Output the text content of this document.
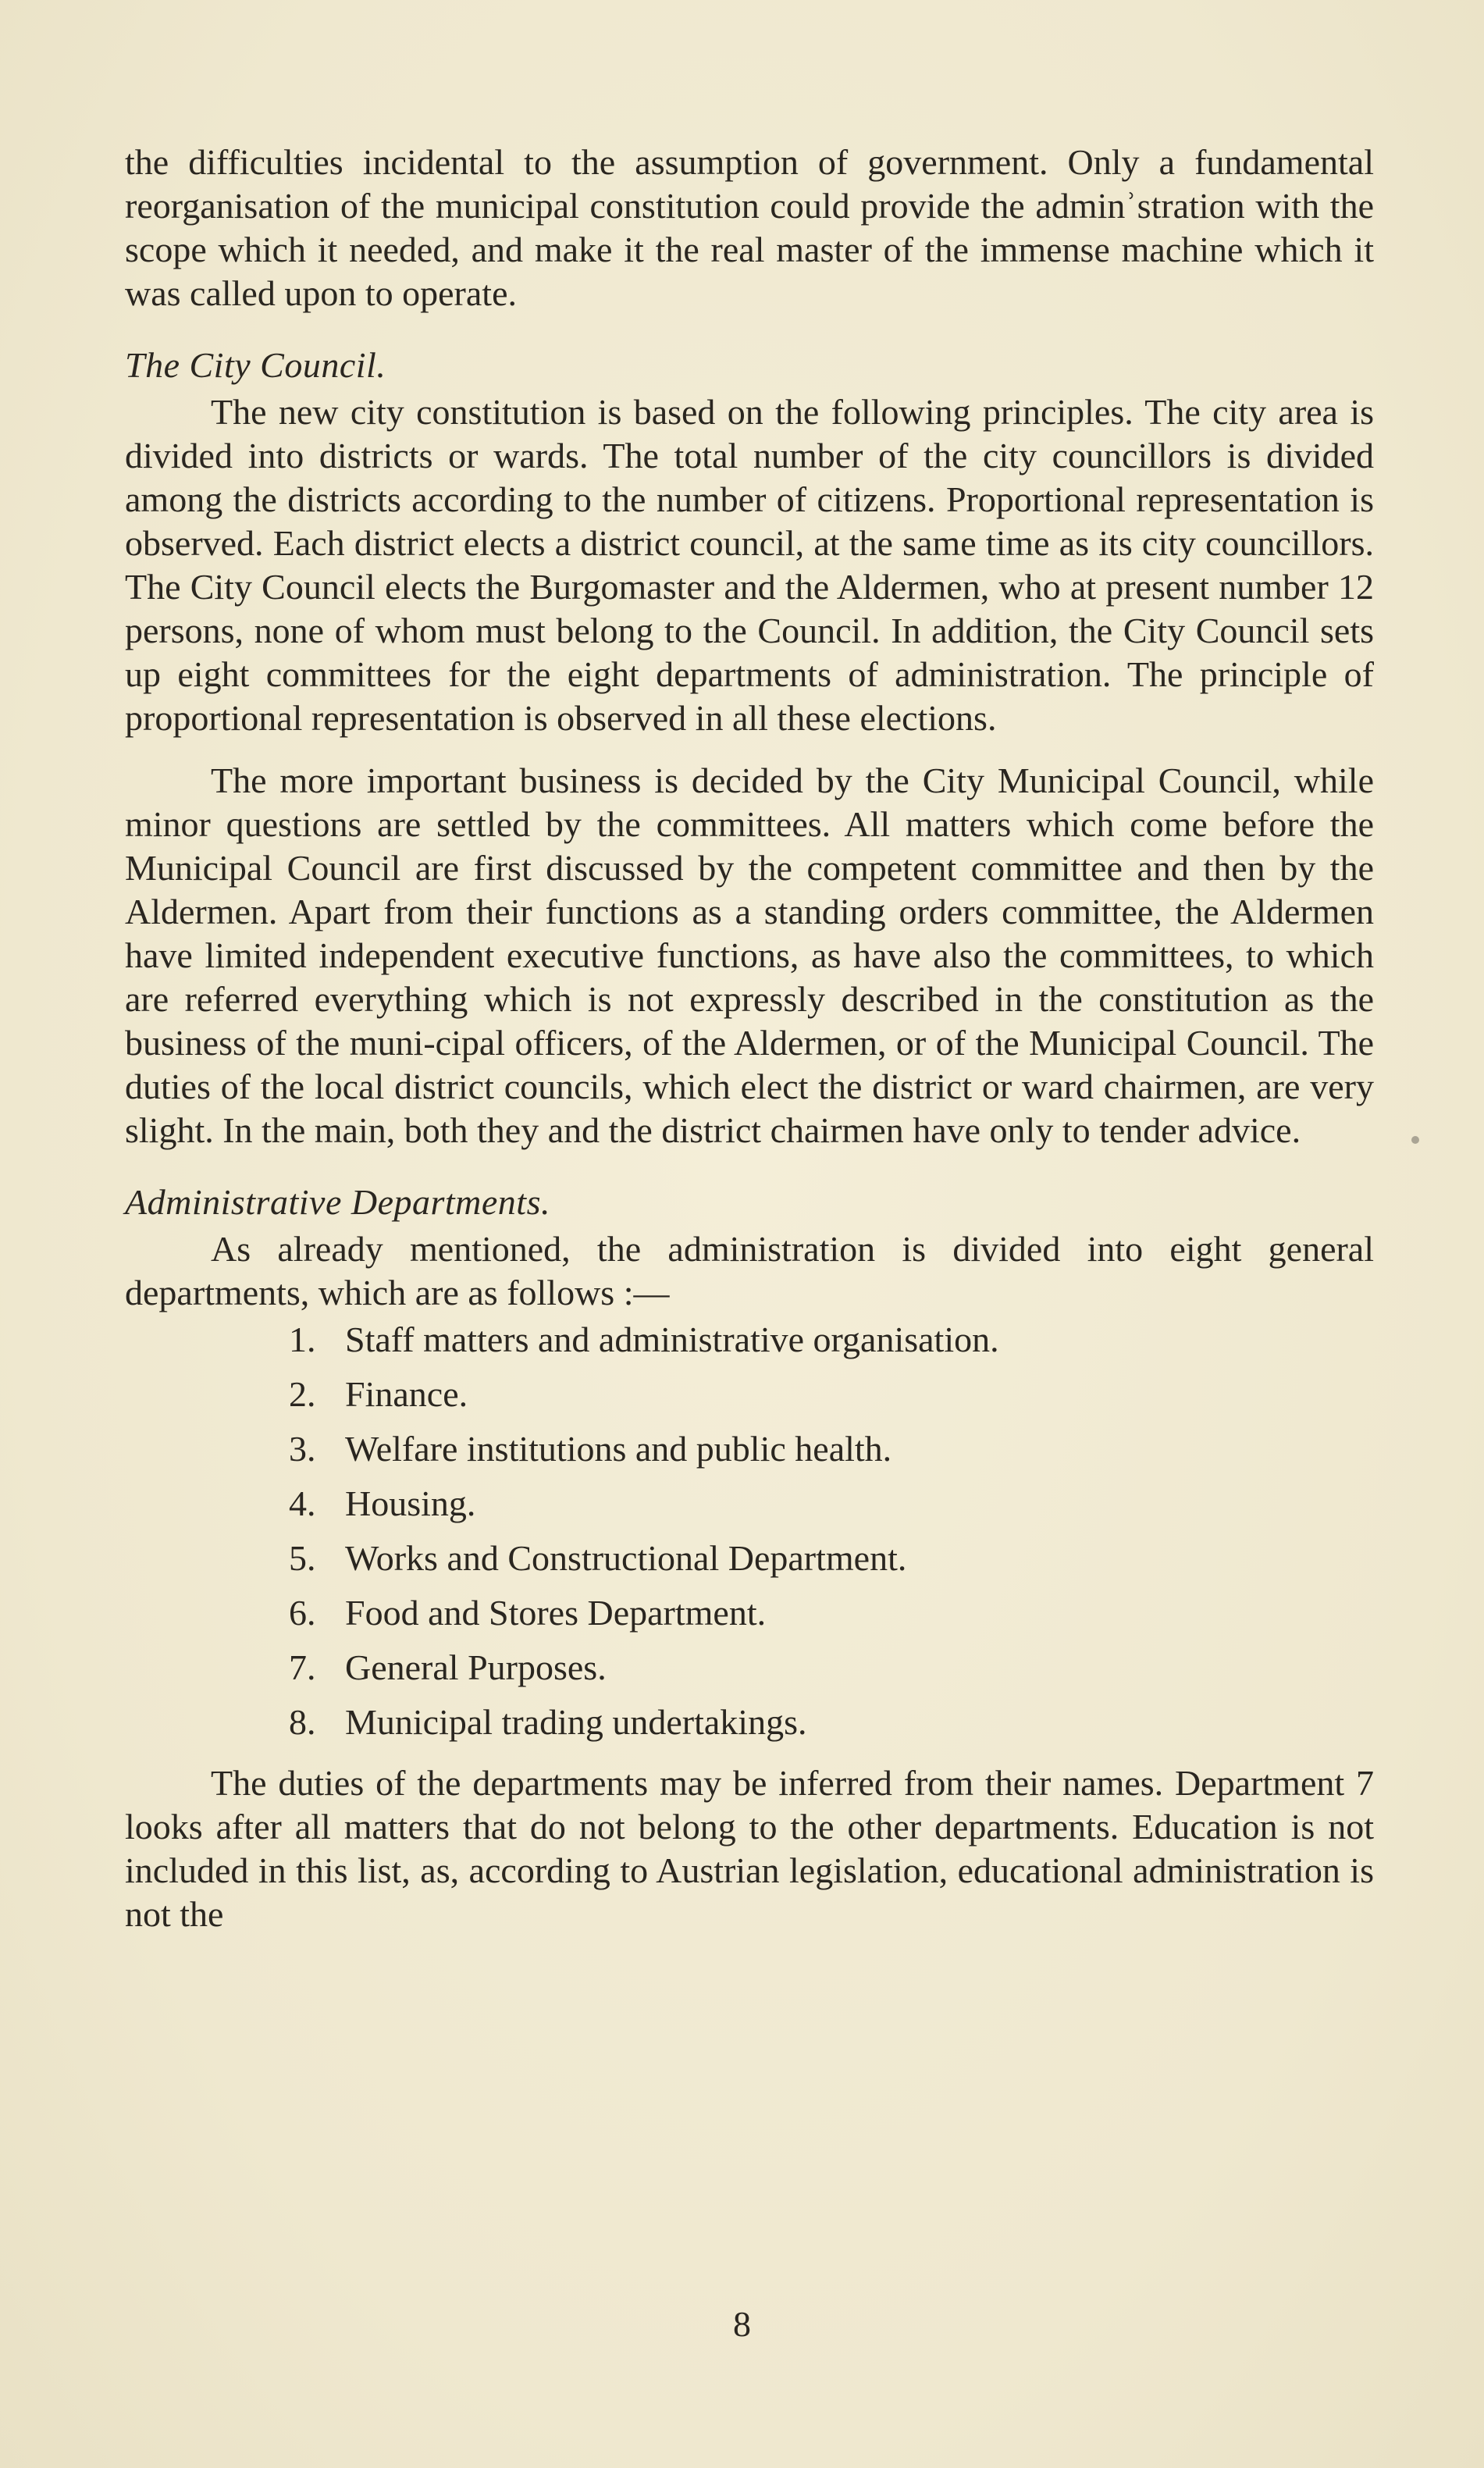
the difficulties incidental to the assumption of government. Only a fundamental reorganisation of the municipal constitution could provide the adminʾstration with the scope which it needed, and make it the real master of the immense machine which it was called upon to operate.

The City Council.

The new city constitution is based on the following principles. The city area is divided into districts or wards. The total number of the city councillors is divided among the districts according to the number of citizens. Proportional representation is observed. Each district elects a district council, at the same time as its city councillors. The City Council elects the Burgomaster and the Aldermen, who at present number 12 persons, none of whom must belong to the Council. In addition, the City Council sets up eight committees for the eight departments of administration. The principle of proportional representation is observed in all these elections.

The more important business is decided by the City Municipal Council, while minor questions are settled by the committees. All matters which come before the Municipal Council are first discussed by the competent committee and then by the Aldermen. Apart from their functions as a standing orders committee, the Aldermen have limited independent executive functions, as have also the committees, to which are referred everything which is not expressly described in the constitution as the business of the muni-cipal officers, of the Aldermen, or of the Municipal Council. The duties of the local district councils, which elect the district or ward chairmen, are very slight. In the main, both they and the district chairmen have only to tender advice.

Administrative Departments.

As already mentioned, the administration is divided into eight general departments, which are as follows :—

1. Staff matters and administrative organisation.
2. Finance.
3. Welfare institutions and public health.
4. Housing.
5. Works and Constructional Department.
6. Food and Stores Department.
7. General Purposes.
8. Municipal trading undertakings.

The duties of the departments may be inferred from their names. Department 7 looks after all matters that do not belong to the other departments. Education is not included in this list, as, according to Austrian legislation, educational administration is not the

8
